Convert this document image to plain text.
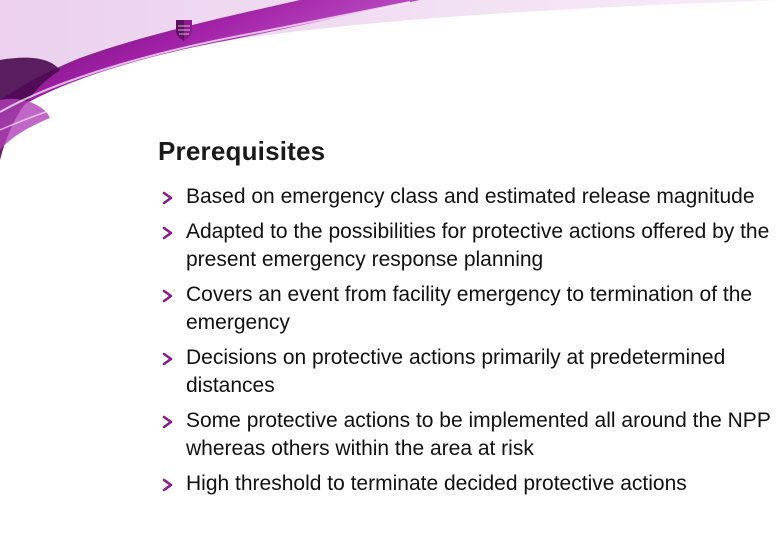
Prerequisites
Based on emergency class and estimated release magnitude
Adapted to the possibilities for protective actions offered by the present emergency response planning
Covers an event from facility emergency to termination of the emergency
Decisions on protective actions primarily at predetermined distances
Some protective actions to be implemented all around the NPP whereas others within the area at risk
High threshold to terminate decided protective actions
